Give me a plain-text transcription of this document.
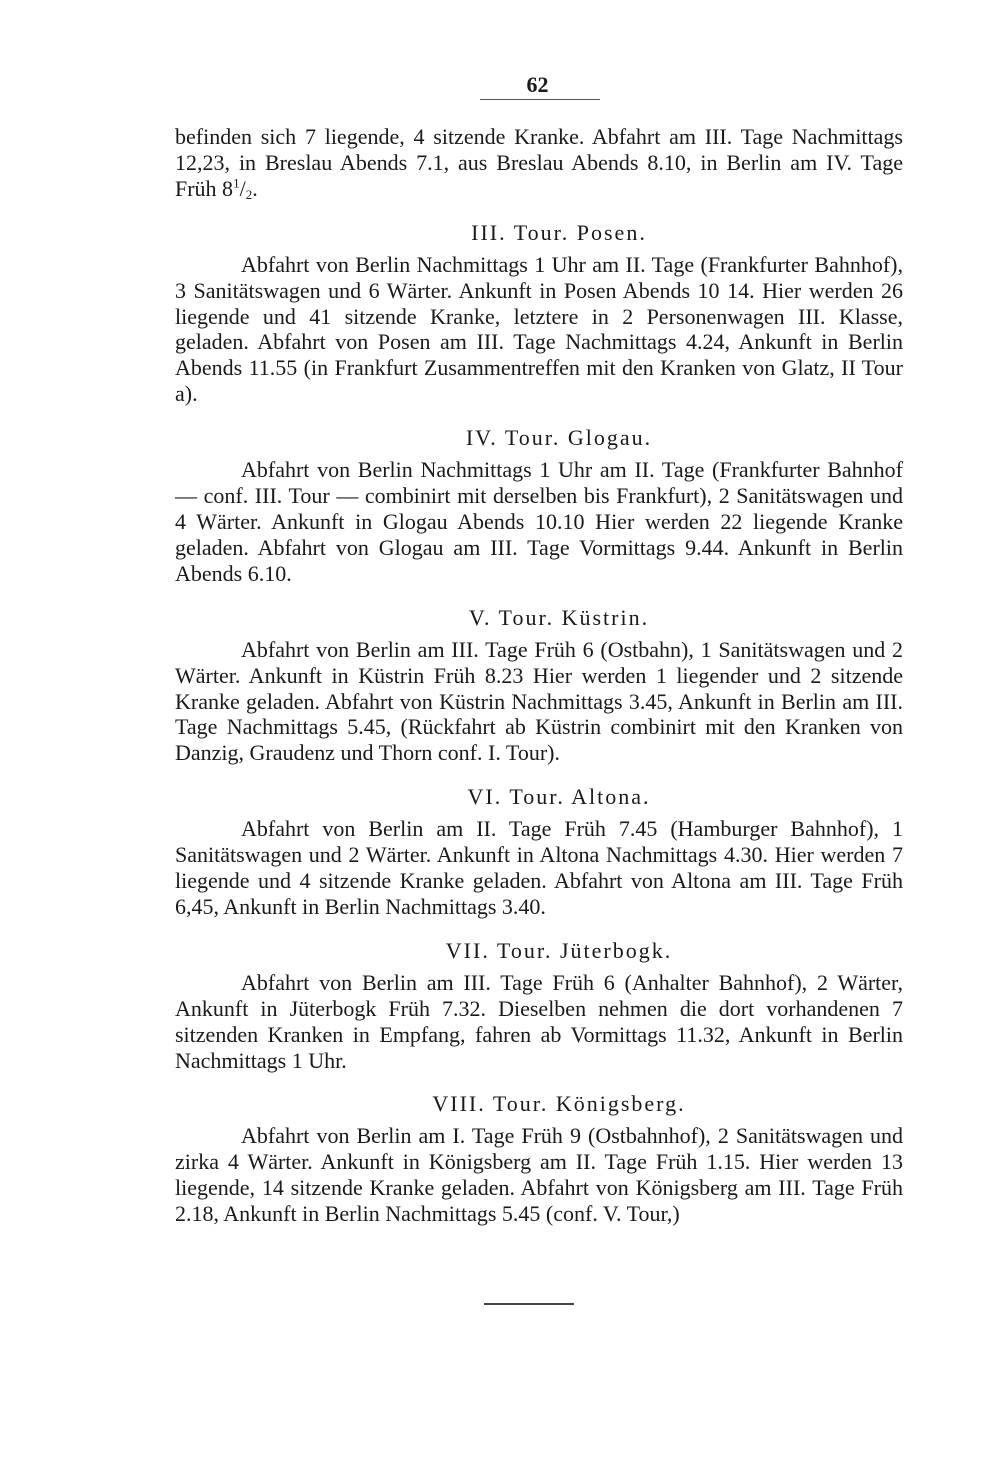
62

befinden sich 7 liegende, 4 sitzende Kranke. Abfahrt am III. Tage Nachmittags 12,23, in Breslau Abends 7.1, aus Breslau Abends 8.10, in Berlin am IV. Tage Früh $8^1/_2$.

III. Tour. Posen.

Abfahrt von Berlin Nachmittags 1 Uhr am II. Tage (Frankfurter Bahnhof), 3 Sanitätswagen und 6 Wärter. Ankunft in Posen Abends 10 14. Hier werden 26 liegende und 41 sitzende Kranke, letztere in 2 Personenwagen III. Klasse, geladen. Abfahrt von Posen am III. Tage Nachmittags 4.24, Ankunft in Berlin Abends 11.55 (in Frankfurt Zusammentreffen mit den Kranken von Glatz, II Tour a).

IV. Tour. Glogau.

Abfahrt von Berlin Nachmittags 1 Uhr am II. Tage (Frankfurter Bahnhof — conf. III. Tour — combinirt mit derselben bis Frankfurt), 2 Sanitätswagen und 4 Wärter. Ankunft in Glogau Abends 10.10 Hier werden 22 liegende Kranke geladen. Abfahrt von Glogau am III. Tage Vormittags 9.44. Ankunft in Berlin Abends 6.10.

V. Tour. Küstrin.

Abfahrt von Berlin am III. Tage Früh 6 (Ostbahn), 1 Sanitätswagen und 2 Wärter. Ankunft in Küstrin Früh 8.23 Hier werden 1 liegender und 2 sitzende Kranke geladen. Abfahrt von Küstrin Nachmittags 3.45, Ankunft in Berlin am III. Tage Nachmittags 5.45, (Rückfahrt ab Küstrin combinirt mit den Kranken von Danzig, Graudenz und Thorn conf. I. Tour).

VI. Tour. Altona.

Abfahrt von Berlin am II. Tage Früh 7.45 (Hamburger Bahnhof), 1 Sanitätswagen und 2 Wärter. Ankunft in Altona Nachmittags 4.30. Hier werden 7 liegende und 4 sitzende Kranke geladen. Abfahrt von Altona am III. Tage Früh 6,45, Ankunft in Berlin Nachmittags 3.40.

VII. Tour. Jüterbogk.

Abfahrt von Berlin am III. Tage Früh 6 (Anhalter Bahnhof), 2 Wärter, Ankunft in Jüterbogk Früh 7.32. Dieselben nehmen die dort vorhandenen 7 sitzenden Kranken in Empfang, fahren ab Vormittags 11.32, Ankunft in Berlin Nachmittags 1 Uhr.

VIII. Tour. Königsberg.

Abfahrt von Berlin am I. Tage Früh 9 (Ostbahnhof), 2 Sanitätswagen und zirka 4 Wärter. Ankunft in Königsberg am II. Tage Früh 1.15. Hier werden 13 liegende, 14 sitzende Kranke geladen. Abfahrt von Königsberg am III. Tage Früh 2.18, Ankunft in Berlin Nachmittags 5.45 (conf. V. Tour,)
